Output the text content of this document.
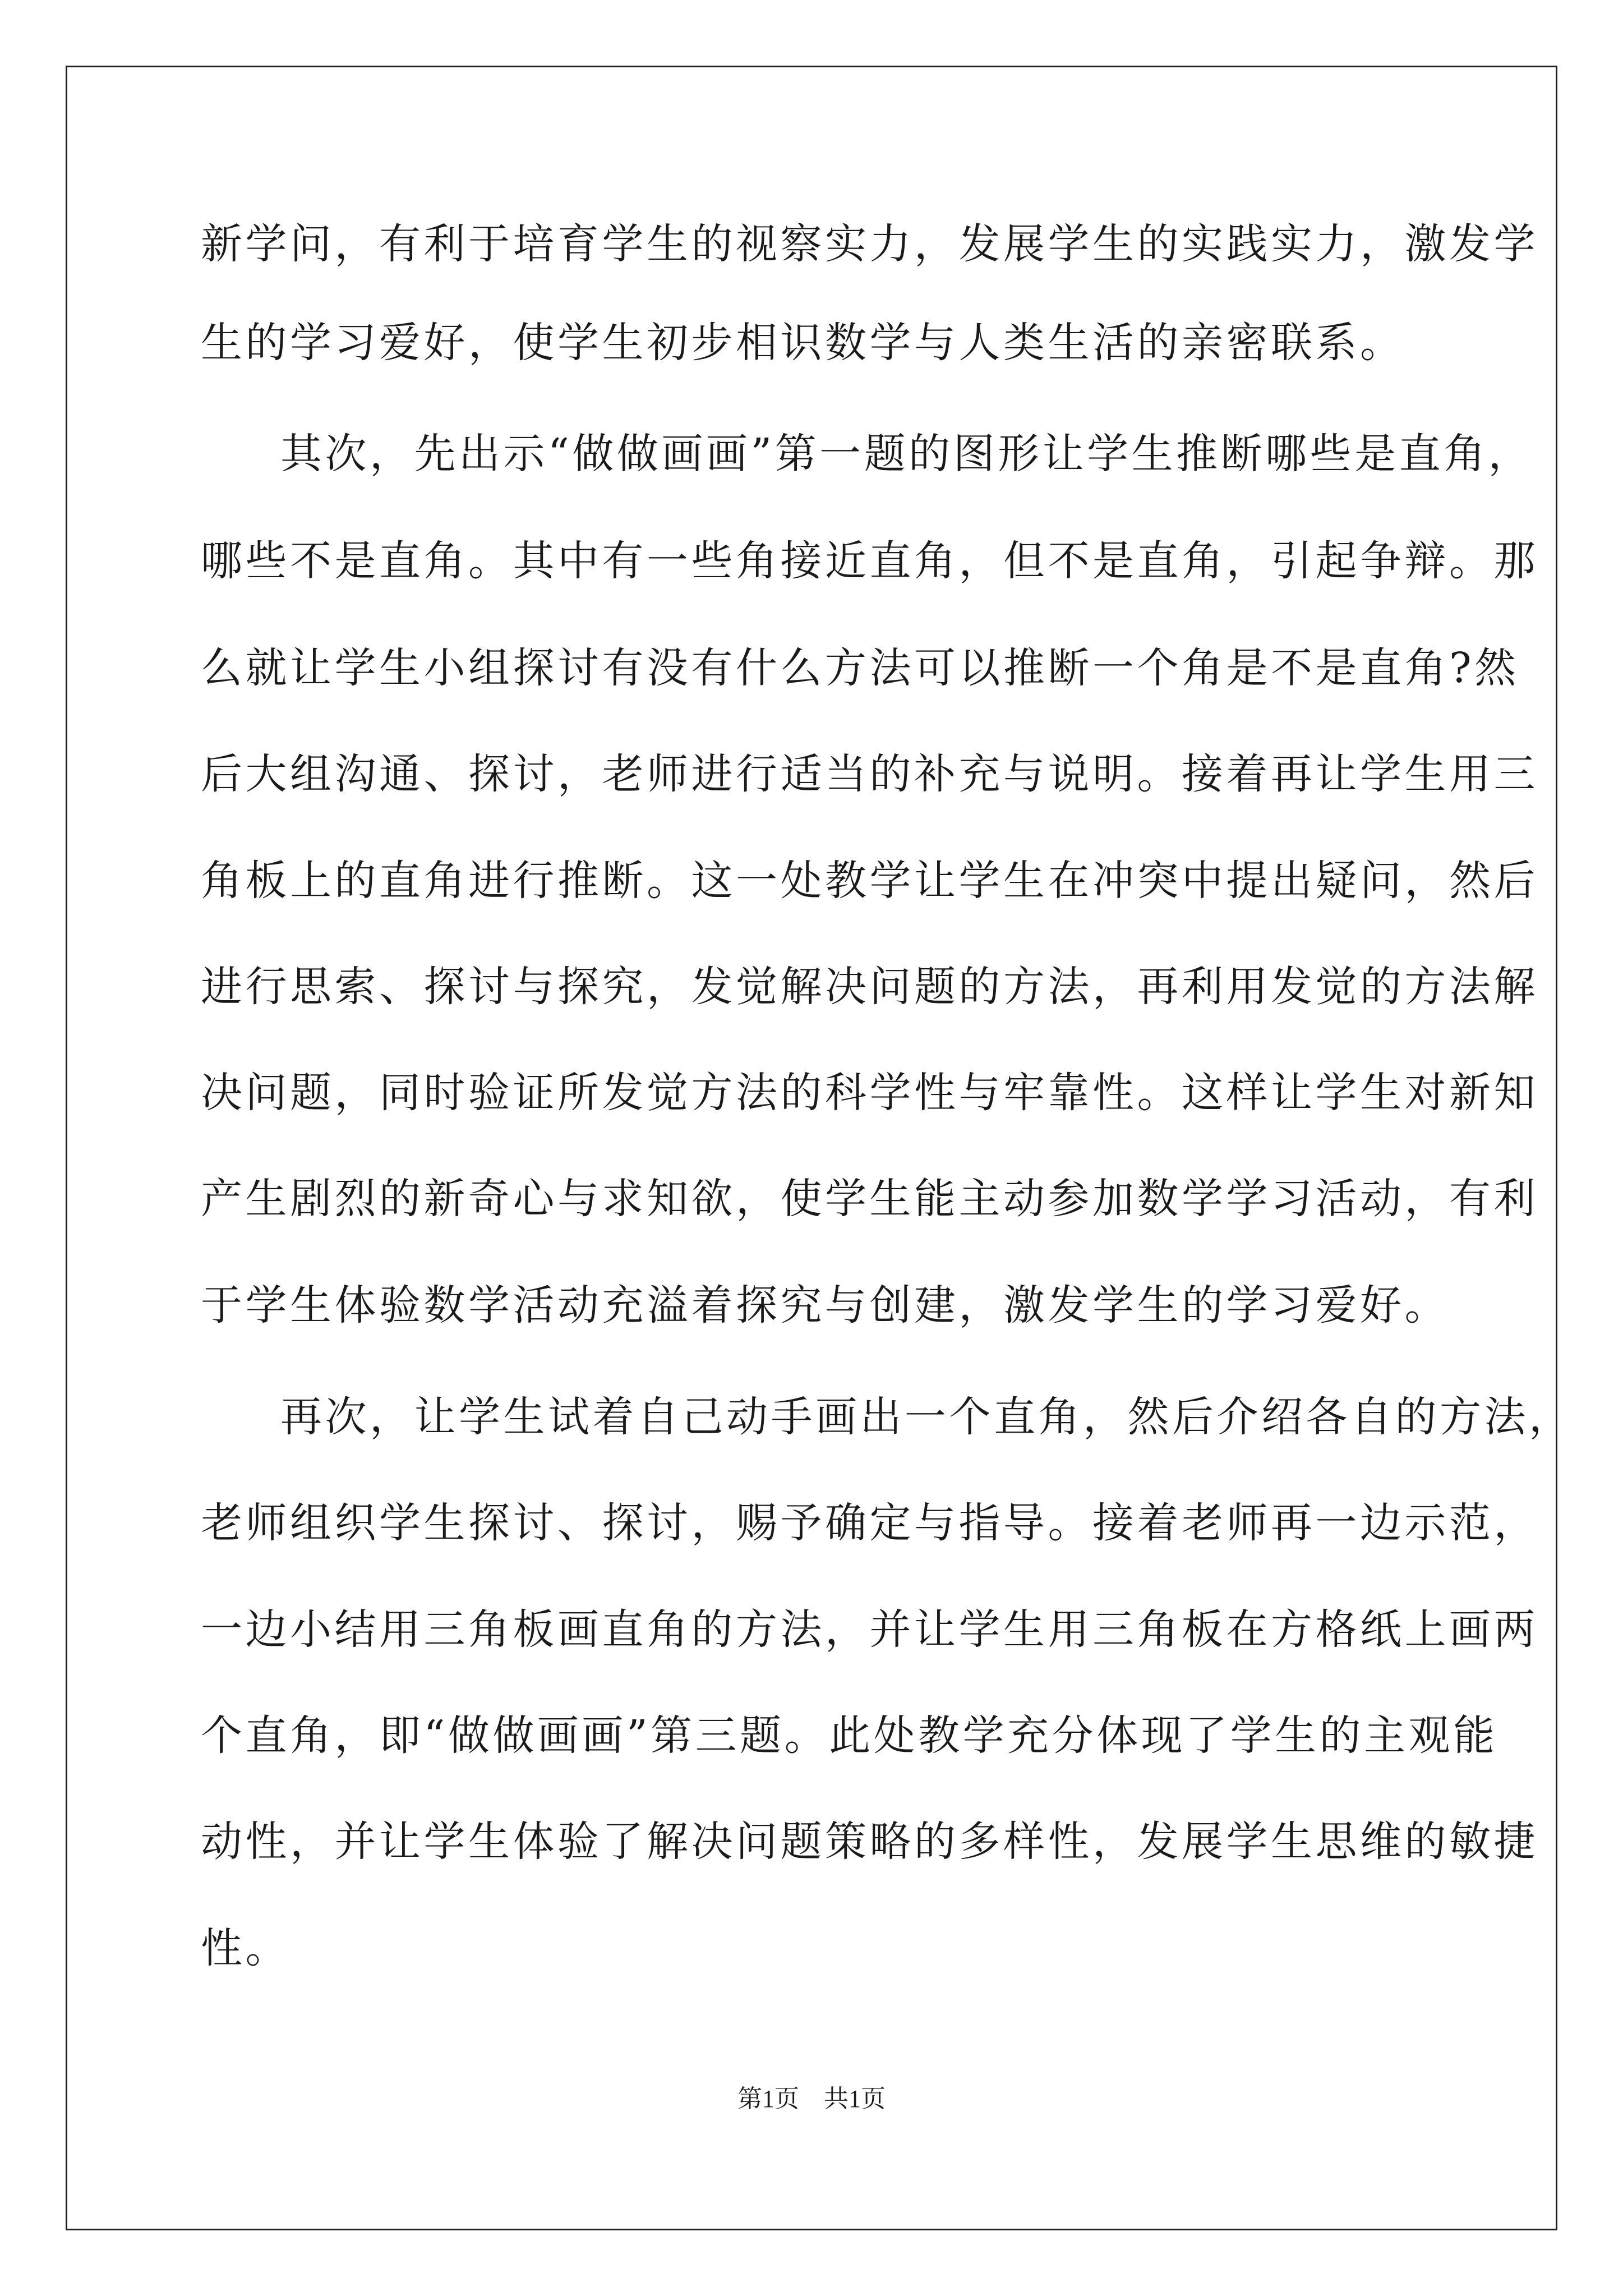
新学问，有利于培育学生的视察实力，发展学生的实践实力，激发学
生的学习爱好，使学生初步相识数学与人类生活的亲密联系。
其次，先出示“做做画画”第一题的图形让学生推断哪些是直角，
哪些不是直角。其中有一些角接近直角，但不是直角，引起争辩。那
么就让学生小组探讨有没有什么方法可以推断一个角是不是直角?然
后大组沟通、探讨，老师进行适当的补充与说明。接着再让学生用三
角板上的直角进行推断。这一处教学让学生在冲突中提出疑问，然后
进行思索、探讨与探究，发觉解决问题的方法，再利用发觉的方法解
决问题，同时验证所发觉方法的科学性与牢靠性。这样让学生对新知
产生剧烈的新奇心与求知欲，使学生能主动参加数学学习活动，有利
于学生体验数学活动充溢着探究与创建，激发学生的学习爱好。
再次，让学生试着自己动手画出一个直角，然后介绍各自的方法，
老师组织学生探讨、探讨，赐予确定与指导。接着老师再一边示范，
一边小结用三角板画直角的方法，并让学生用三角板在方格纸上画两
个直角，即“做做画画”第三题。此处教学充分体现了学生的主观能
动性，并让学生体验了解决问题策略的多样性，发展学生思维的敏捷
性。
第1页 共1页
